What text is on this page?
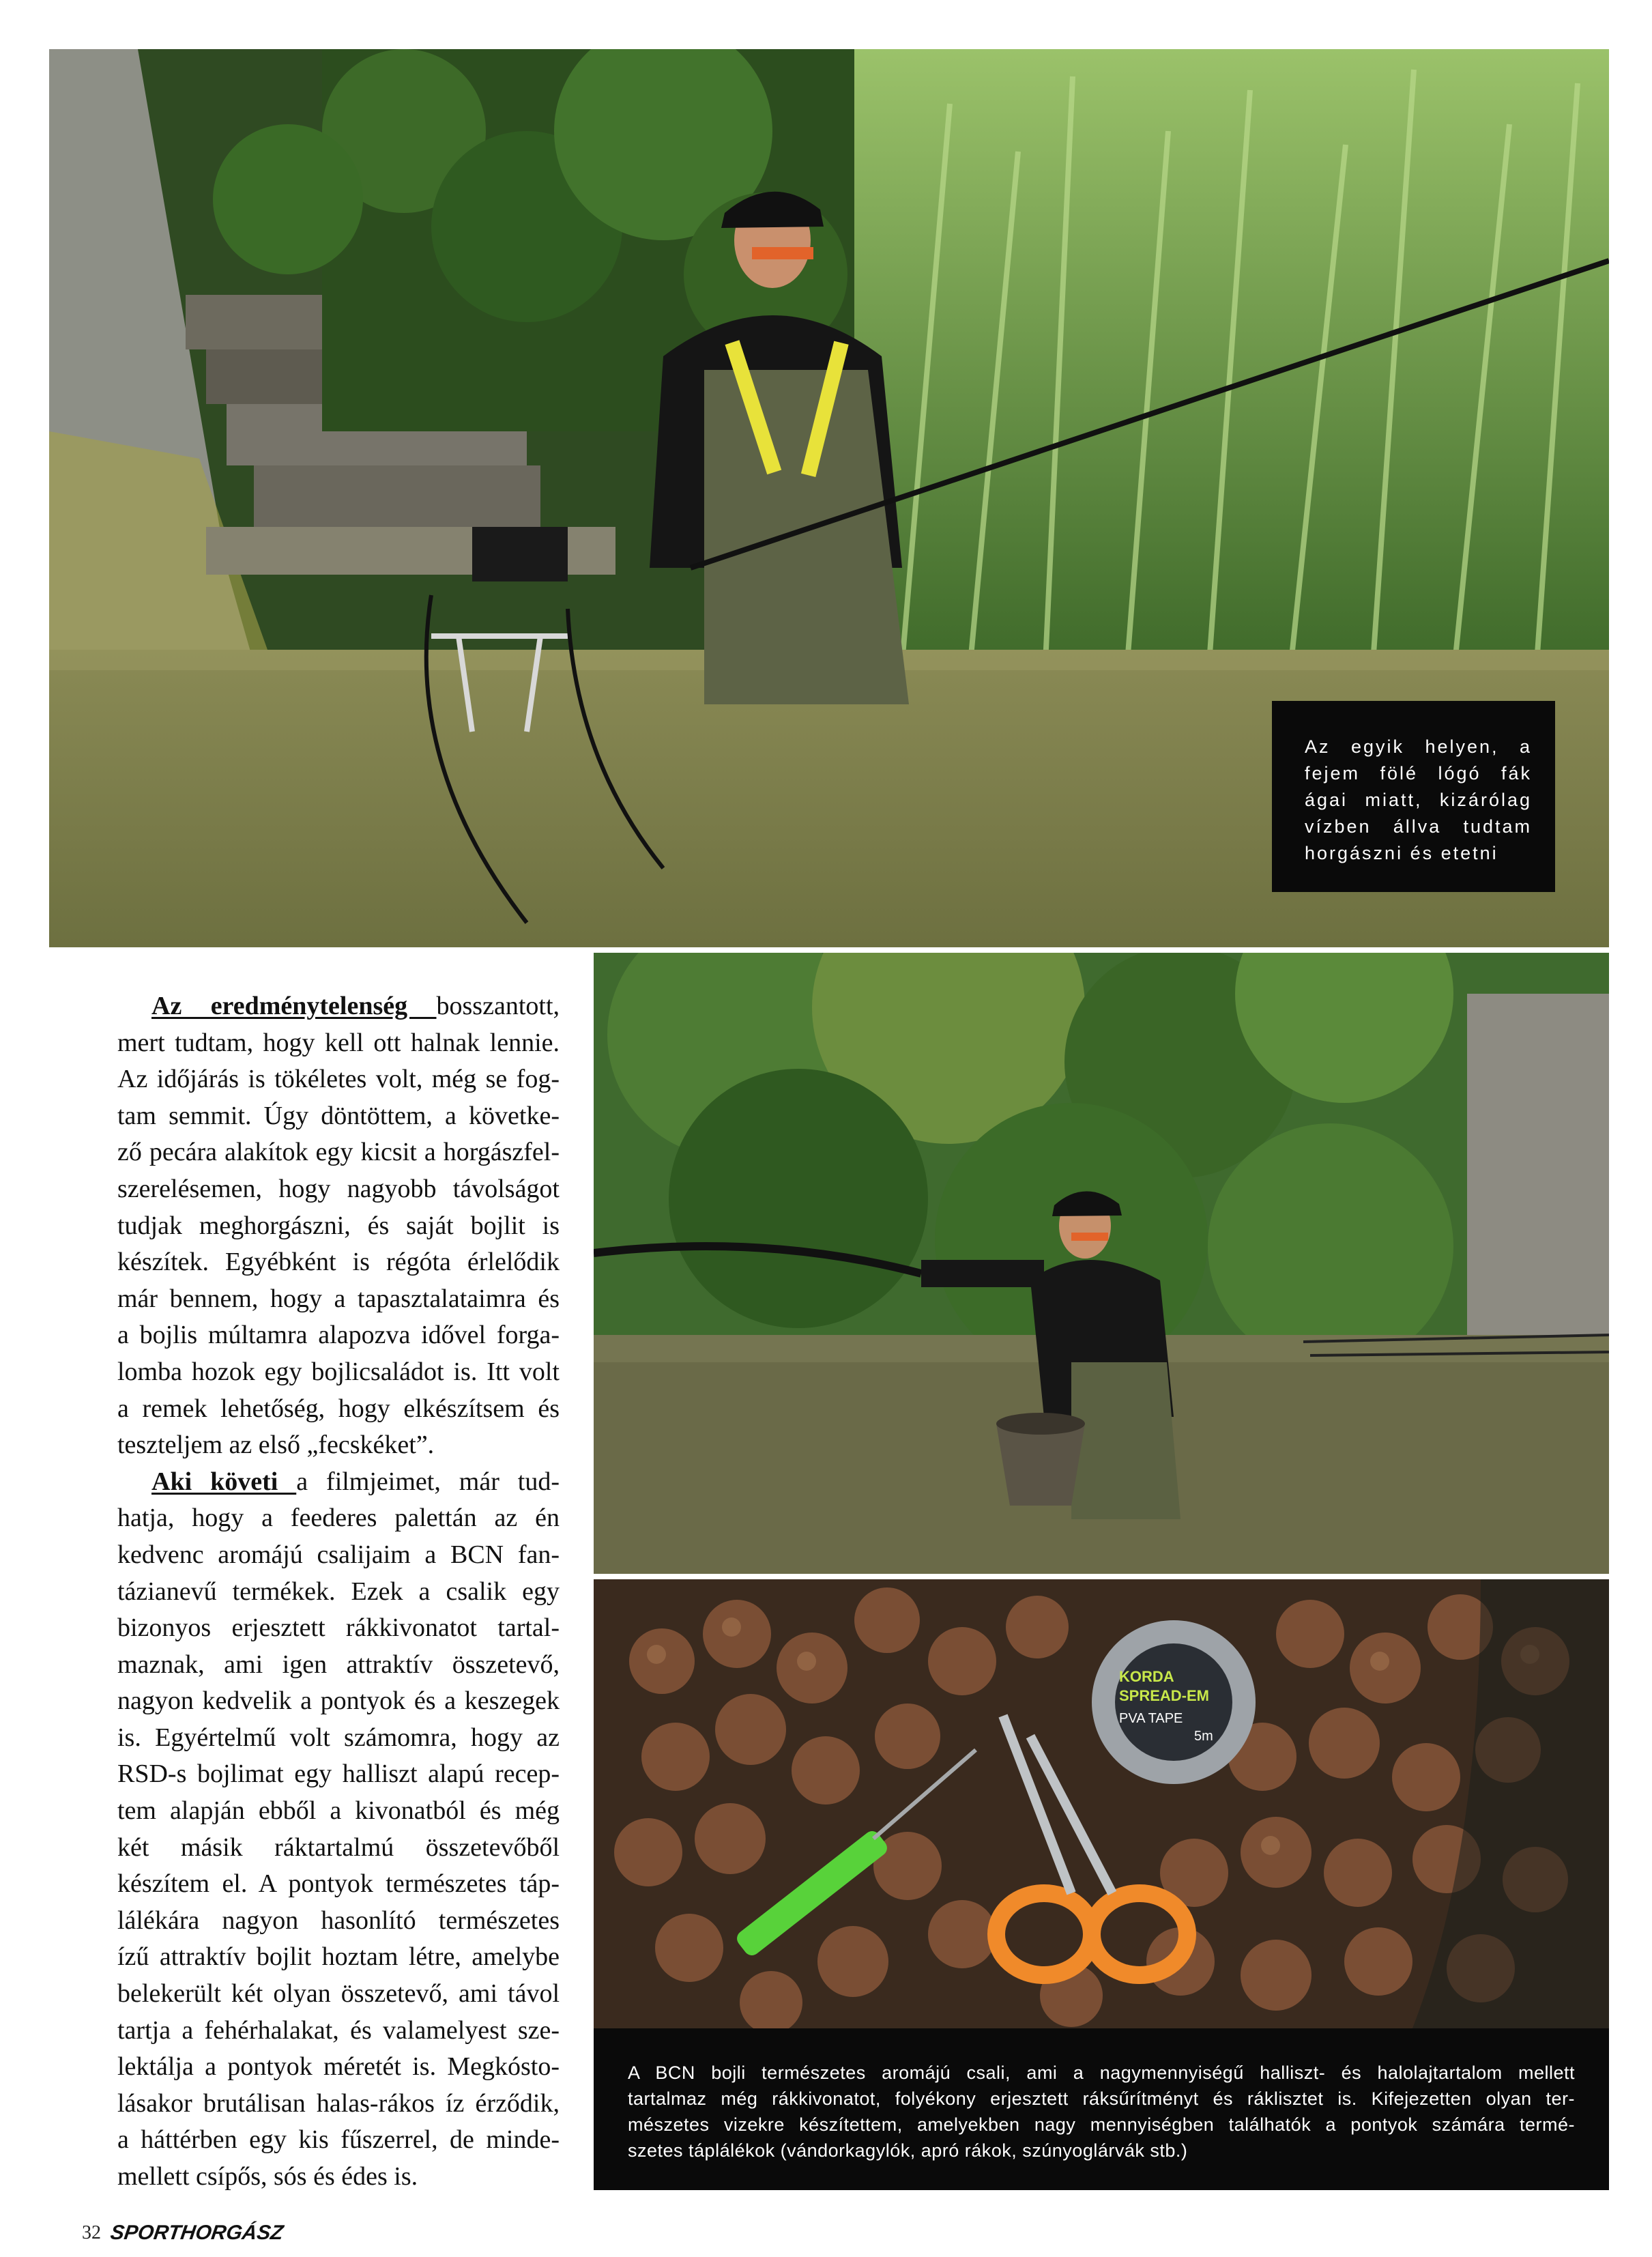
Az egyik helyen, a
fejem fölé lógó fák
ágai miatt, kizárólag
vízben állva tudtam
horgászni és etetni
KORDA
SPREAD-EM
PVA TAPE
5m
A BCN bojli természetes aromájú csali, ami a nagymennyiségű halliszt- és halolajtartalom mellett
tartalmaz még rákkivonatot, folyékony erjesztett ráksűrítményt és ráklisztet is. Kifejezetten olyan ter-
mészetes vizekre készítettem, amelyekben nagy mennyiségben találhatók a pontyok számára termé-
szetes táplálékok (vándorkagylók, apró rákok, szúnyoglárvák stb.)
Az eredménytelenség bosszantott,
mert tudtam, hogy kell ott halnak lennie.
Az időjárás is tökéletes volt, még se fog-
tam semmit. Úgy döntöttem, a követke-
ző pecára alakítok egy kicsit a horgászfel-
szerelésemen, hogy nagyobb távolságot
tudjak meghorgászni, és saját bojlit is
készítek. Egyébként is régóta érlelődik
már bennem, hogy a tapasztalataimra és
a bojlis múltamra alapozva idővel forga-
lomba hozok egy bojlicsaládot is. Itt volt
a remek lehetőség, hogy elkészítsem és
teszteljem az első „fecskéket”.
Aki követi a filmjeimet, már tud-
hatja, hogy a feederes palettán az én
kedvenc aromájú csalijaim a BCN fan-
tázianevű termékek. Ezek a csalik egy
bizonyos erjesztett rákkivonatot tartal-
maznak, ami igen attraktív összetevő,
nagyon kedvelik a pontyok és a keszegek
is. Egyértelmű volt számomra, hogy az
RSD-s bojlimat egy halliszt alapú recep-
tem alapján ebből a kivonatból és még
két másik ráktartalmú összetevőből
készítem el. A pontyok természetes táp-
lálékára nagyon hasonlító természetes
ízű attraktív bojlit hoztam létre, amelybe
belekerült két olyan összetevő, ami távol
tartja a fehérhalakat, és valamelyest sze-
lektálja a pontyok méretét is. Megkósto-
lásakor brutálisan halas-rákos íz érződik,
a háttérben egy kis fűszerrel, de minde-
mellett csípős, sós és édes is.
32 SPORTHORGÁSZ
